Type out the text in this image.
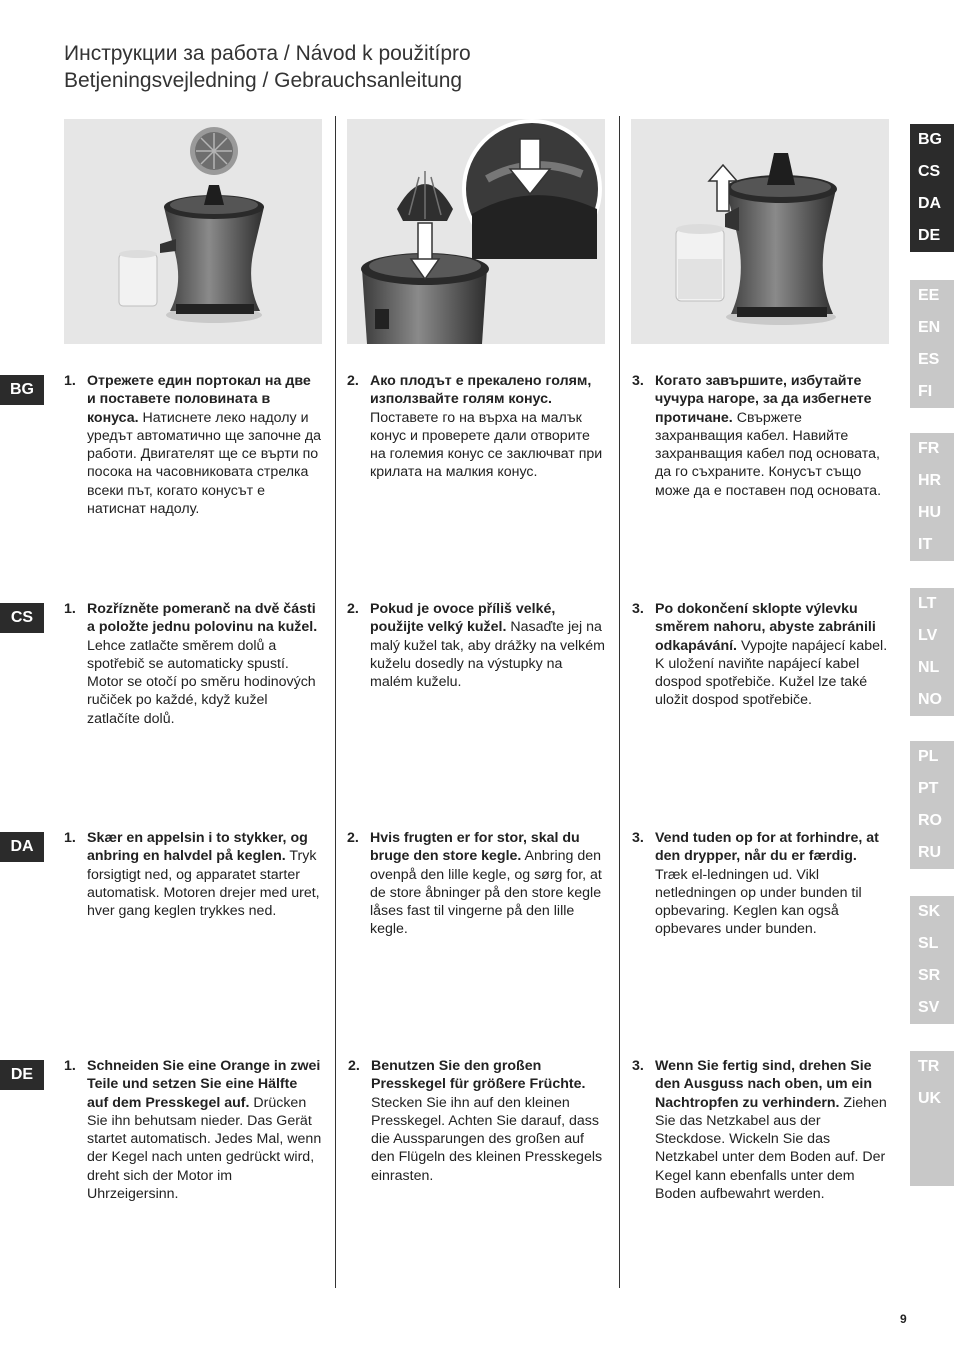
Инструкции за работа / Návod k použitípro
Betjeningsvejledning / Gebrauchsanleitung
BG
CS
DA
DE
1. Отрежете един портокал на две и поставете половината в конуса. Натиснете леко надолу и уредът автоматично ще започне да работи. Двигателят ще се върти по посока на часовниковата стрелка всеки път, когато конусът е натиснат надолу.
2. Ако плодът е прекалено голям, използвайте голям конус. Поставете го на върха на малък конус и проверете дали отворите на големия конус се заключват при крилата на малкия конус.
3. Когато завършите, избутайте чучура нагоре, за да избегнете протичане. Свържете захранващия кабел. Навийте захранващия кабел под основата, да го съхраните. Конусът също може да е поставен под основата.
1. Rozřízněte pomeranč na dvě části a položte jednu polovinu na kužel. Lehce zatlačte směrem dolů a spotřebič se automaticky spustí. Motor se otočí po směru hodinových ručiček po každé, když kužel zatlačíte dolů.
2. Pokud je ovoce příliš velké, použijte velký kužel. Nasaďte jej na malý kužel tak, aby drážky na velkém kuželu dosedly na výstupky na malém kuželu.
3. Po dokončení sklopte výlevku směrem nahoru, abyste zabránili odkapávání. Vypojte napájecí kabel. K uložení naviňte napájecí kabel dospod spotřebiče. Kužel lze také uložit dospod spotřebiče.
1. Skær en appelsin i to stykker, og anbring en halvdel på keglen. Tryk forsigtigt ned, og apparatet starter automatisk. Motoren drejer med uret, hver gang keglen trykkes ned.
2. Hvis frugten er for stor, skal du bruge den store kegle. Anbring den ovenpå den lille kegle, og sørg for, at de store åbninger på den store kegle låses fast til vingerne på den lille kegle.
3. Vend tuden op for at forhindre, at den drypper, når du er færdig. Træk el-ledningen ud. Vikl netledningen op under bunden til opbevaring. Keglen kan også opbevares under bunden.
1. Schneiden Sie eine Orange in zwei Teile und setzen Sie eine Hälfte auf dem Presskegel auf. Drücken Sie ihn behutsam nieder. Das Gerät startet automatisch. Jedes Mal, wenn der Kegel nach unten gedrückt wird, dreht sich der Motor im Uhrzeigersinn.
2. Benutzen Sie den großen Presskegel für größere Früchte. Stecken Sie ihn auf den kleinen Presskegel. Achten Sie darauf, dass die Aussparungen des großen auf den Flügeln des kleinen Presskegels einrasten.
3. Wenn Sie fertig sind, drehen Sie den Ausguss nach oben, um ein Nachtropfen zu verhindern. Ziehen Sie das Netzkabel aus der Steckdose. Wickeln Sie das Netzkabel unter dem Boden auf. Der Kegel kann ebenfalls unter dem Boden aufbewahrt werden.
BG
CS
DA
DE
EE
EN
ES
FI
FR
HR
HU
IT
LT
LV
NL
NO
PL
PT
RO
RU
SK
SL
SR
SV
TR
UK
9
